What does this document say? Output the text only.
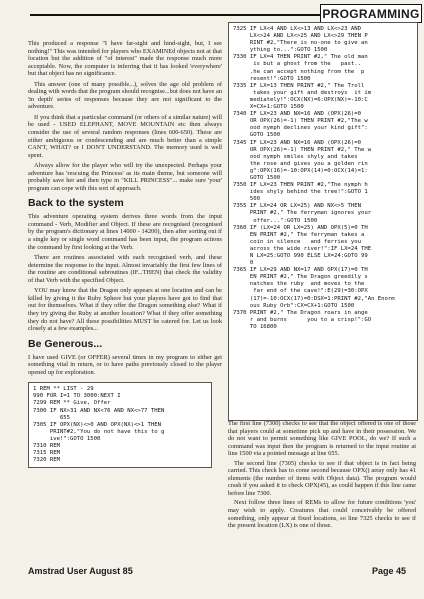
PROGRAMMING

This produced a response "I have far-sight and hind-sight, but, I see nothing!" This was intended for players who EXAMINEd objects not at that location but the addition of "of interest" made the response much more acceptable. Now, the computer is inferring that it has looked 'everywhere' but that object has no significance.

This answer (one of many possible...), solves the age old problem of dealing with words that the program should recognise...but does not have an 'in depth' series of responses because they are not significant to the adventure.

If you think that a particular command (or others of a similar nature) will be used - USED ELEPHANT, MOVE MOUNTAIN etc then always consider the use of several random responses (lines 600-650). These are either ambiguous or condescending and are much better than a simple CAN'T, WHAT? or I DON'T UNDERSTAND. The memory used is well spent.

Always allow for the player who will try the unexpected. Perhaps your adventure has 'rescuing the Princess' as its main theme, but someone will probably save her and then type in "KILL PRINCESS"... make sure 'your' program can cope with this sort of approach.

Back to the system

This adventure operating system derives three words from the input command - Verb, Modifier and Object. If these are recognised (recognised by the program's dictionary at lines 14000 - 14200), then after sorting out if a single key or single word command has been input, the program actions the command by first looking at the Verb.

There are routines associated with each recognised verb, and these determine the response to the input. Almost invariably the first few lines of the routine are conditional subroutines (IF...THEN) that check the validity of that Verb with the specified Object.

YOU may know that the Dragon only appears at one location and can be killed by giving it the Ruby Sphere but your players have got to find that out for themselves. What if they offer the Dragon something else? What if they try giving the Ruby at another location? What if they offer something they do not have? All these possibilities MUST be catered for. Let us look closely at a few examples...

Be Generous...

I have used GIVE (or OFFER) several times in my program to either get something vital in return, or to have paths previously closed to the player opened up for exploration.

1 REM ** LIST - 29
990 FOR I=1 TO 3000:NEXT I
7299 REM ** Give, Offer
7300 IF NX>31 AND NX<76 AND NX<>77 THEN
655
7305 IF OPX(NX)<>0 AND OPX(NX)<>1 THEN
PRINT#2,"You do not have this to g
ive!":GOTO 1500
7310 REM
7315 REM
7320 REM
7325 IF LX<4 AND LX<>13 AND LX<>23 AND
LX<>24 AND LX<>25 AND LX<>29 THEN P
RINT #2,"There is no-one to give an
ything to...":GOTO 1500
7330 IF LX=4 THEN PRINT #2," The old man
is but a ghost from the   past..
.he can accept nothing from the  p
resent!":GOTO 1500
7335 IF LX=13 THEN PRINT #2," The Troll
takes your gift and destroys  it im
mediately!":OCX(NX)=6:OPX(NX)=-10:C
X=CX+1:GOTO 1500
7340 IF LX=23 AND NX=16 AND (OPX(26)=0
OR OPX(26)=-1) THEN PRINT #2,"The w
ood nymph declines your kind gift":
GOTO 1500
7345 IF LX=23 AND NX=16 AND (OPX(26)=0
OR OPX(26)=-1) THEN PRINT #2," The w
ood nymph smiles shyly and takes
the rose and gives you a golden rin
g":OPX(16)=-10:OPX(14)=0:OCX(14)=1:
GOTO 1500
7350 IF LX=23 THEN PRINT #2,"The nymph h
ides shyly behind the tree!":GOTO 1
500
7355 IF LX=24 OR LX=25) AND NX<>5 THEN
PRINT #2," The ferryman ignores your
offer...":GOTO 1500
7360 IF (LX=24 OR LX=25) AND OPX(5)=0 TH
EN PRINT #2," The ferryman takes a
coin in silence   and ferries you
across the wide river!":IF LX=24 THE
N LX=25:GOTO 990 ELSE LX=24:GOTO 99
0
7365 IF LX=29 AND NX=17 AND OPX(17)=0 TH
EN PRINT #2," The Dragon greedily s
natches the ruby  and moves to the
far end of the cave!":E(29)=30:OPX
(17)=-10:OCX(17)=0:DSX=1:PRINT #2,"An Enorm
ous Ruby Orb":CX=CX+1:GOTO 1500
7370 PRINT #2," The Dragon roars in ange
r and burns      you to a crisp!":GO
TO 16800

The first line (7300) checks to see that the object offered is one of those that players could at sometime pick up and have in their possession. We do not want to permit something like GIVE POOL, do we? If such a command was input then the program is returned to the input routine at line 1500 via a pointed message at line 655.

The second line (7305) checks to see if that object is in fact being carried. This check has to come second because OPX() array only has 41 elements (the number of items with Object data). The program would crash if you asked it to check OPX(45), as could happen if this line came before line 7300.

Next follow three lines of REMs to allow for future conditions 'you' may wish to apply. Creatures that could conceivably be offered something, only appear at fixed locations, so line 7325 checks to see if the present location (LX) is one of those.

Amstrad User August 85	Page 45
